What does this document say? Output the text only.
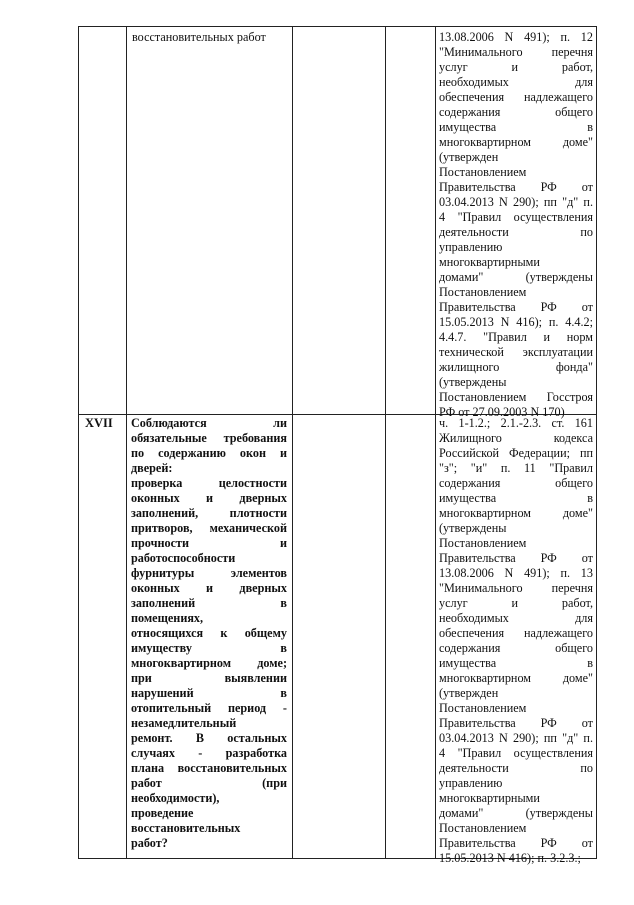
восстановительных работ	13.08.2006 N 491); п. 12
"Минимального перечня
услуг и работ,
необходимых для
обеспечения надлежащего
содержания общего
имущества в
многоквартирном доме"
(утвержден
Постановлением
Правительства РФ от
03.04.2013 N 290); пп "д" п.
4 "Правил осуществления
деятельности по
управлению
многоквартирными
домами" (утверждены
Постановлением
Правительства РФ от
15.05.2013 N 416); п. 4.4.2;
4.4.7. "Правил и норм
технической эксплуатации
жилищного фонда"
(утверждены
Постановлением Госстроя
РФ от 27.09.2003 N 170)
XVII Соблюдаются ли
обязательные требования
по содержанию окон и
дверей:
проверка целостности
оконных и дверных
заполнений, плотности
притворов, механической
прочности и
работоспособности
фурнитуры элементов
оконных и дверных
заполнений в
помещениях,
относящихся к общему
имуществу в
многоквартирном доме;
при выявлении
нарушений в
отопительный период -
незамедлительный
ремонт. В остальных
случаях - разработка
плана восстановительных
работ (при
необходимости),
проведение
восстановительных
работ?
ч. 1-1.2.; 2.1.-2.3. ст. 161
Жилищного кодекса
Российской Федерации; пп
"з"; "и" п. 11 "Правил
содержания общего
имущества в
многоквартирном доме"
(утверждены
Постановлением
Правительства РФ от
13.08.2006 N 491); п. 13
"Минимального перечня
услуг и работ,
необходимых для
обеспечения надлежащего
содержания общего
имущества в
многоквартирном доме"
(утвержден
Постановлением
Правительства РФ от
03.04.2013 N 290); пп "д" п.
4 "Правил осуществления
деятельности по
управлению
многоквартирными
домами" (утверждены
Постановлением
Правительства РФ от
15.05.2013 N 416); п. 3.2.3.;
